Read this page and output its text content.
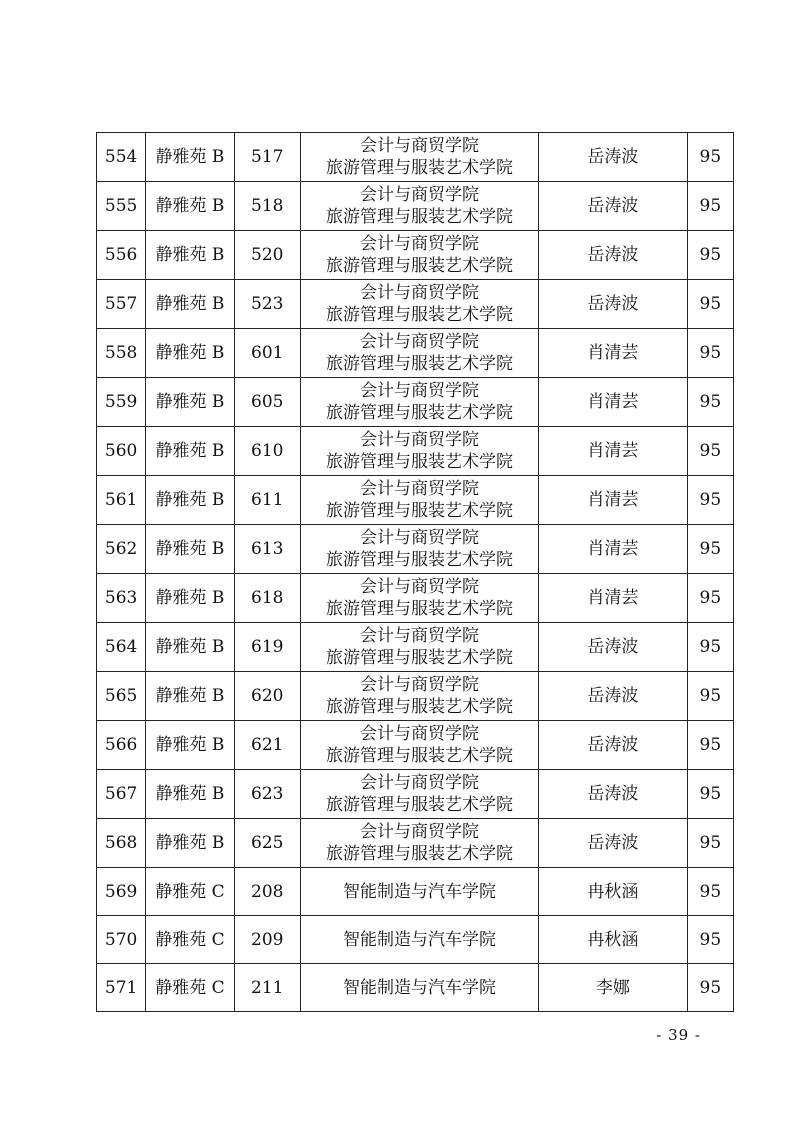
554	静雅苑 B	517	会计与商贸学院
旅游管理与服装艺术学院	岳涛波	95
555	静雅苑 B	518	会计与商贸学院
旅游管理与服装艺术学院	岳涛波	95
556	静雅苑 B	520	会计与商贸学院
旅游管理与服装艺术学院	岳涛波	95
557	静雅苑 B	523	会计与商贸学院
旅游管理与服装艺术学院	岳涛波	95
558	静雅苑 B	601	会计与商贸学院
旅游管理与服装艺术学院	肖清芸	95
559	静雅苑 B	605	会计与商贸学院
旅游管理与服装艺术学院	肖清芸	95
560	静雅苑 B	610	会计与商贸学院
旅游管理与服装艺术学院	肖清芸	95
561	静雅苑 B	611	会计与商贸学院
旅游管理与服装艺术学院	肖清芸	95
562	静雅苑 B	613	会计与商贸学院
旅游管理与服装艺术学院	肖清芸	95
563	静雅苑 B	618	会计与商贸学院
旅游管理与服装艺术学院	肖清芸	95
564	静雅苑 B	619	会计与商贸学院
旅游管理与服装艺术学院	岳涛波	95
565	静雅苑 B	620	会计与商贸学院
旅游管理与服装艺术学院	岳涛波	95
566	静雅苑 B	621	会计与商贸学院
旅游管理与服装艺术学院	岳涛波	95
567	静雅苑 B	623	会计与商贸学院
旅游管理与服装艺术学院	岳涛波	95
568	静雅苑 B	625	会计与商贸学院
旅游管理与服装艺术学院	岳涛波	95
569	静雅苑 C	208	智能制造与汽车学院	冉秋涵	95
570	静雅苑 C	209	智能制造与汽车学院	冉秋涵	95
571	静雅苑 C	211	智能制造与汽车学院	李娜	95
- 39 -
